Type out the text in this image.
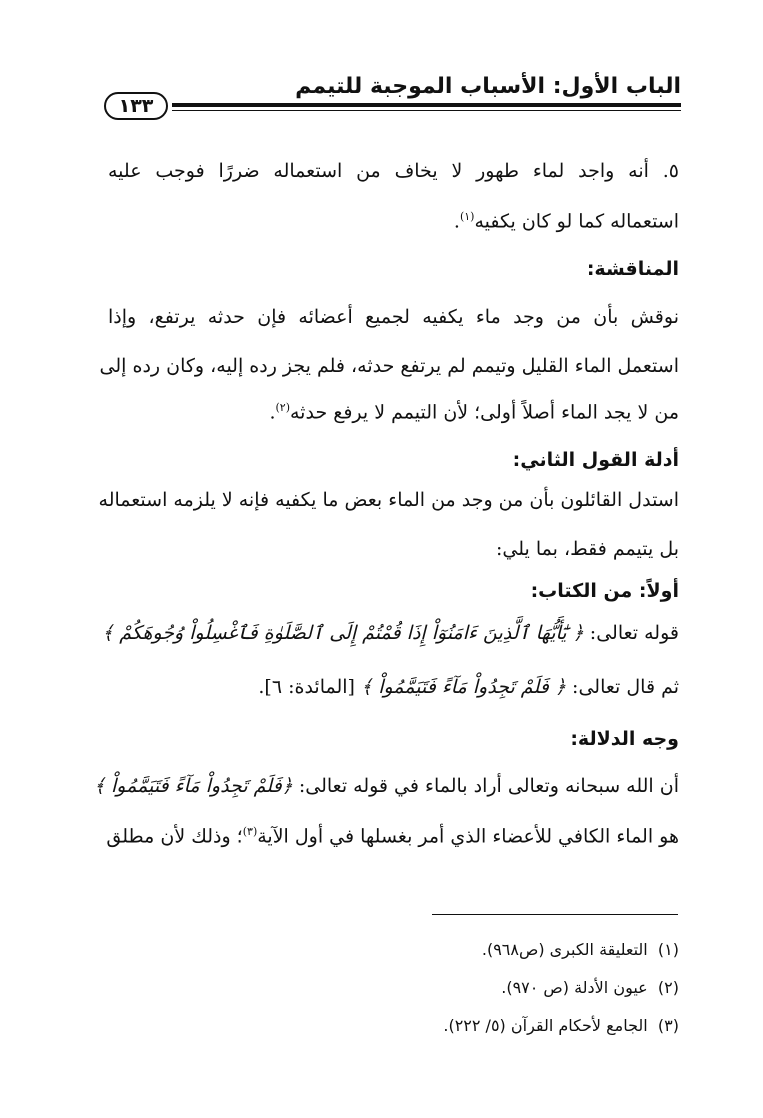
الباب الأول: الأسباب الموجبة للتيمم
١٣٣
٥. أنه واجد لماء طهور لا يخاف من استعماله ضررًا فوجب عليه
استعماله كما لو كان يكفيه$^{(١)}$.
المناقشة:
نوقش بأن من وجد ماء يكفيه لجميع أعضائه فإن حدثه يرتفع، وإذا
استعمل الماء القليل وتيمم لم يرتفع حدثه، فلم يجز رده إليه، وكان رده إلى
من لا يجد الماء أصلاً أولى؛ لأن التيمم لا يرفع حدثه$^{(٢)}$.
أدلة القول الثاني:
استدل القائلون بأن من وجد من الماء بعض ما يكفيه فإنه لا يلزمه استعماله
بل يتيمم فقط، بما يلي:
أولاً: من الكتاب:
قوله تعالى: ﴿ يَٰٓأَيُّهَا ٱلَّذِينَ ءَامَنُوٓاْ إِذَا قُمْتُمْ إِلَى ٱلصَّلَوٰةِ فَٱغْسِلُواْ وُجُوهَكُمْ ﴾
ثم قال تعالى: ﴿ فَلَمْ تَجِدُواْ مَآءً فَتَيَمَّمُواْ ﴾ [المائدة: ٦].
وجه الدلالة:
أن الله سبحانه وتعالى أراد بالماء في قوله تعالى: ﴿فَلَمْ تَجِدُواْ مَآءً فَتَيَمَّمُواْ ﴾
هو الماء الكافي للأعضاء الذي أمر بغسلها في أول الآية$^{(٣)}$؛ وذلك لأن مطلق
(١)  التعليقة الكبرى (ص٩٦٨).
(٢)  عيون الأدلة (ص ٩٧٠).
(٣)  الجامع لأحكام القرآن (٥/ ٢٢٢).
